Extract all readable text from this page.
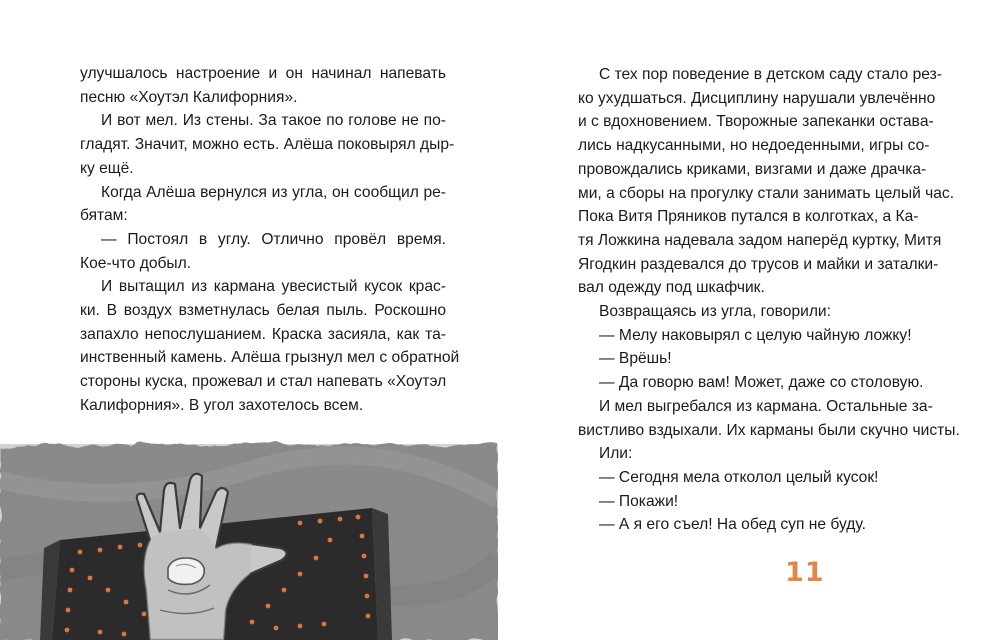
улучшалось настроение и он начинал напевать
песню «Хоутэл Калифорния».
И вот мел. Из стены. За такое по голове не по-
гладят. Значит, можно есть. Алёша поковырял дыр-
ку ещё.
Когда Алёша вернулся из угла, он сообщил ре-
бятам:
— Постоял в углу. Отлично провёл время.
Кое-что добыл.
И вытащил из кармана увесистый кусок крас-
ки. В воздух взметнулась белая пыль. Роскошно
запахло непослушанием. Краска засияла, как та-
инственный камень. Алёша грызнул мел с обратной
стороны куска, прожевал и стал напевать «Хоутэл
Калифорния». В угол захотелось всем.
С тех пор поведение в детском саду стало рез-
ко ухудшаться. Дисциплину нарушали увлечённо
и с вдохновением. Творожные запеканки оставa-
лись надкусанными, но недоеденными, игры со-
провождались криками, визгами и даже драчка-
ми, а сборы на прогулку стали занимать целый час.
Пока Витя Пряников путался в колготках, а Ка-
тя Ложкина надевала задом наперёд куртку, Митя
Ягодкин раздевался до трусов и майки и заталки-
вал одежду под шкафчик.
Возвращаясь из угла, говорили:
— Мелу наковырял с целую чайную ложку!
— Врёшь!
— Да говорю вам! Может, даже со столовую.
И мел выгребался из кармана. Остальные за-
вистливо вздыхали. Их карманы были скучно чисты.
Или:
— Сегодня мела отколол целый кусок!
— Покажи!
— А я его съел! На обед суп не буду.
11
